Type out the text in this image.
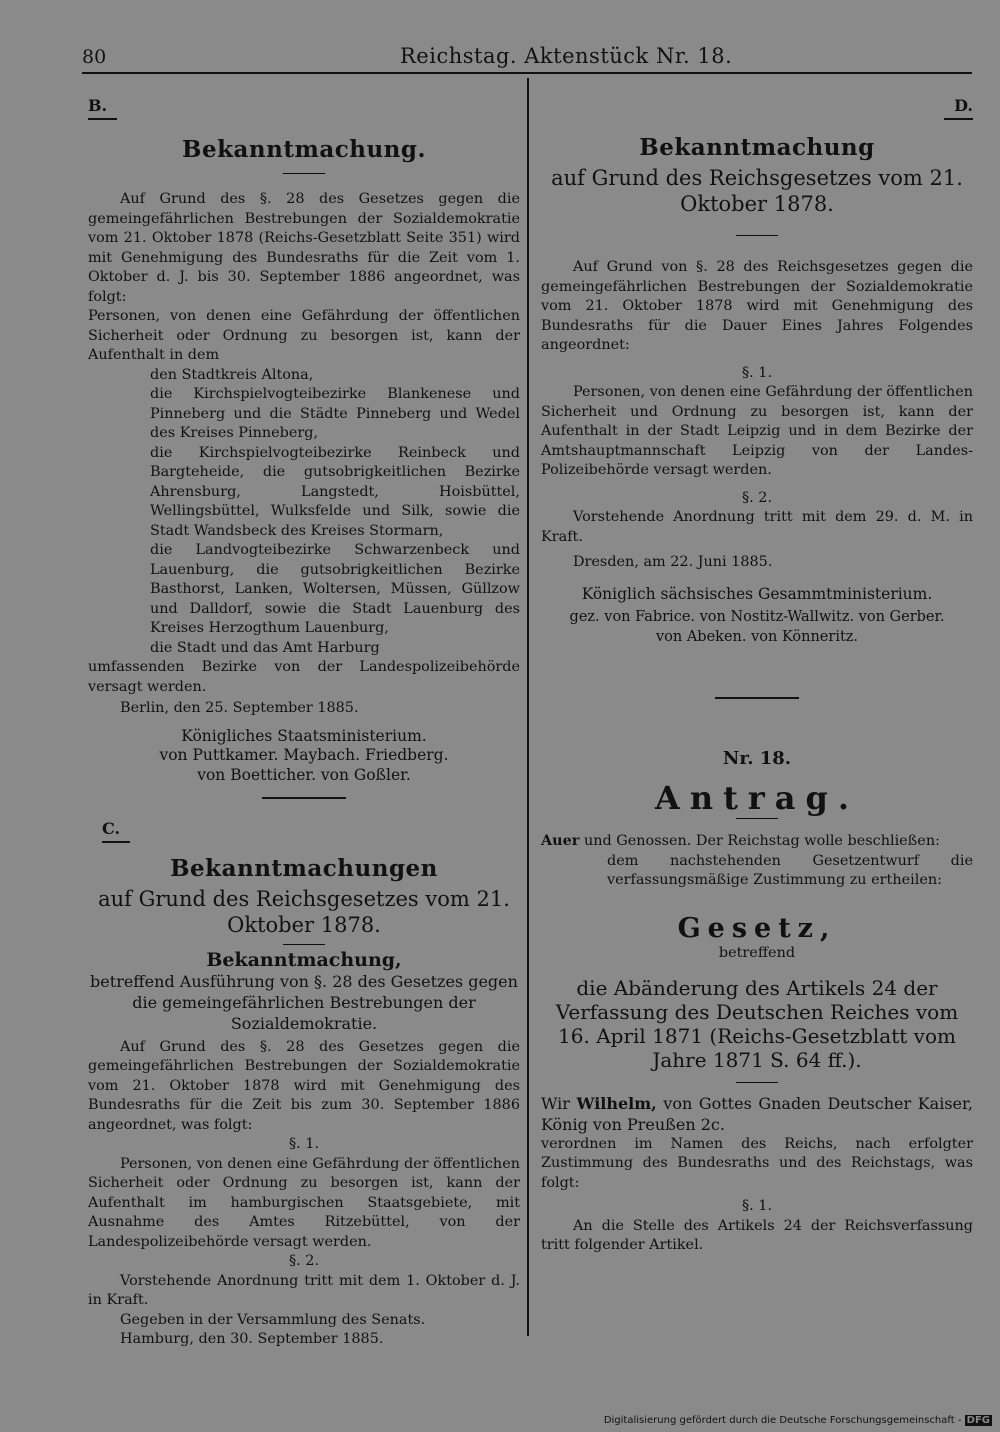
80	Reichstag. Aktenstück Nr. 18.
B.

Bekanntmachung.

Auf Grund des §. 28 des Gesetzes gegen die gemeingefährlichen Bestrebungen der Sozialdemokratie vom 21. Oktober 1878 (Reichs-Gesetzblatt Seite 351) wird mit Genehmigung des Bundesraths für die Zeit vom 1. Oktober d. J. bis 30. September 1886 angeordnet, was folgt:

Personen, von denen eine Gefährdung der öffentlichen Sicherheit oder Ordnung zu besorgen ist, kann der Aufenthalt in dem

den Stadtkreis Altona,

die Kirchspielvogteibezirke Blankenese und Pinneberg und die Städte Pinneberg und Wedel des Kreises Pinneberg,

die Kirchspielvogteibezirke Reinbeck und Bargteheide, die gutsobrigkeitlichen Bezirke Ahrensburg, Langstedt, Hoisbüttel, Wellingsbüttel, Wulksfelde und Silk, sowie die Stadt Wandsbeck des Kreises Stormarn,

die Landvogteibezirke Schwarzenbeck und Lauenburg, die gutsobrigkeitlichen Bezirke Basthorst, Lanken, Woltersen, Müssen, Güllzow und Dalldorf, sowie die Stadt Lauenburg des Kreises Herzogthum Lauenburg,

die Stadt und das Amt Harburg

umfassenden Bezirke von der Landespolizeibehörde versagt werden.

Berlin, den 25. September 1885.

Königliches Staatsministerium.

von Puttkamer. Maybach. Friedberg.

von Boetticher. von Goßler.

C.

Bekanntmachungen

auf Grund des Reichsgesetzes vom 21. Oktober 1878.

Bekanntmachung,

betreffend Ausführung von §. 28 des Gesetzes gegen die gemeingefährlichen Bestrebungen der Sozialdemokratie.

Auf Grund des §. 28 des Gesetzes gegen die gemeingefährlichen Bestrebungen der Sozialdemokratie vom 21. Oktober 1878 wird mit Genehmigung des Bundesraths für die Zeit bis zum 30. September 1886 angeordnet, was folgt:

§. 1.

Personen, von denen eine Gefährdung der öffentlichen Sicherheit oder Ordnung zu besorgen ist, kann der Aufenthalt im hamburgischen Staatsgebiete, mit Ausnahme des Amtes Ritzebüttel, von der Landespolizeibehörde versagt werden.

§. 2.

Vorstehende Anordnung tritt mit dem 1. Oktober d. J. in Kraft.

Gegeben in der Versammlung des Senats.

Hamburg, den 30. September 1885.

D.

Bekanntmachung

auf Grund des Reichsgesetzes vom 21. Oktober 1878.

Auf Grund von §. 28 des Reichsgesetzes gegen die gemeingefährlichen Bestrebungen der Sozialdemokratie vom 21. Oktober 1878 wird mit Genehmigung des Bundesraths für die Dauer Eines Jahres Folgendes angeordnet:

§. 1.

Personen, von denen eine Gefährdung der öffentlichen Sicherheit und Ordnung zu besorgen ist, kann der Aufenthalt in der Stadt Leipzig und in dem Bezirke der Amtshauptmannschaft Leipzig von der Landes-Polizeibehörde versagt werden.

§. 2.

Vorstehende Anordnung tritt mit dem 29. d. M. in Kraft.

Dresden, am 22. Juni 1885.

Königlich sächsisches Gesammtministerium.

gez. von Fabrice. von Nostitz-Wallwitz. von Gerber.

von Abeken. von Könneritz.

Nr. 18.

Antrag.

Auer und Genossen. Der Reichstag wolle beschließen:

dem nachstehenden Gesetzentwurf die verfassungsmäßige Zustimmung zu ertheilen:

Gesetz,

betreffend

die Abänderung des Artikels 24 der Verfassung des Deutschen Reiches vom 16. April 1871 (Reichs-Gesetzblatt vom Jahre 1871 S. 64 ff.).

Wir Wilhelm, von Gottes Gnaden Deutscher Kaiser, König von Preußen 2c.

verordnen im Namen des Reichs, nach erfolgter Zustimmung des Bundesraths und des Reichstags, was folgt:

§. 1.

An die Stelle des Artikels 24 der Reichsverfassung tritt folgender Artikel.

Digitalisierung gefördert durch die Deutsche Forschungsgemeinschaft - DFG
